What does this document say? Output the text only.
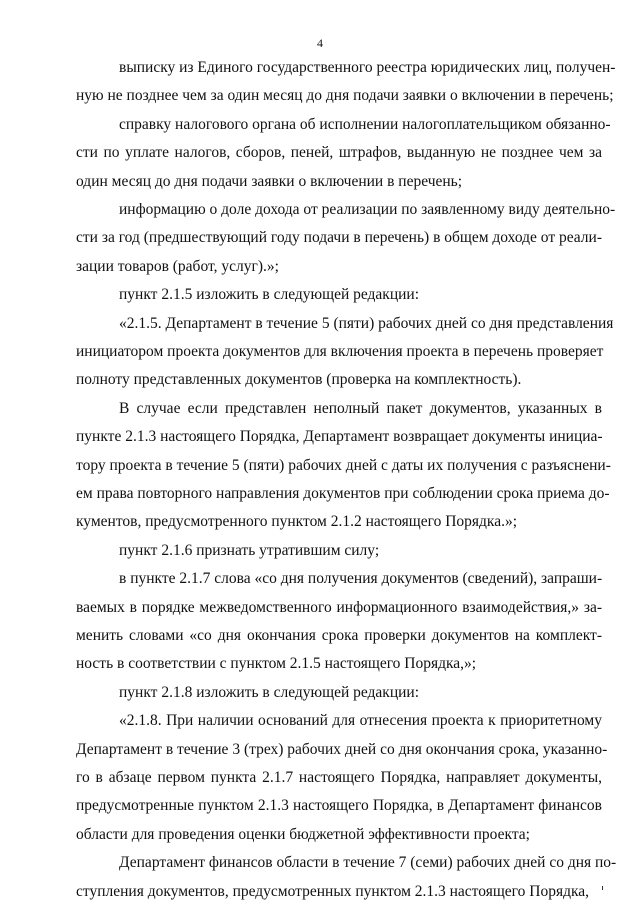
4
выписку из Единого государственного реестра юридических лиц, получен-
ную не позднее чем за один месяц до дня подачи заявки о включении в перечень;
справку налогового органа об исполнении налогоплательщиком обязанно-
сти по уплате налогов, сборов, пеней, штрафов, выданную не позднее чем за
один месяц до дня подачи заявки о включении в перечень;
информацию о доле дохода от реализации по заявленному виду деятельно-
сти за год (предшествующий году подачи в перечень) в общем доходе от реали-
зации товаров (работ, услуг).»;
пункт 2.1.5 изложить в следующей редакции:
«2.1.5. Департамент в течение 5 (пяти) рабочих дней со дня представления
инициатором проекта документов для включения проекта в перечень проверяет
полноту представленных документов (проверка на комплектность).
В случае если представлен неполный пакет документов, указанных в
пункте 2.1.3 настоящего Порядка, Департамент возвращает документы инициа-
тору проекта в течение 5 (пяти) рабочих дней с даты их получения с разъяснени-
ем права повторного направления документов при соблюдении срока приема до-
кументов, предусмотренного пунктом 2.1.2 настоящего Порядка.»;
пункт 2.1.6 признать утратившим силу;
в пункте 2.1.7 слова «со дня получения документов (сведений), запраши-
ваемых в порядке межведомственного информационного взаимодействия,» за-
менить словами «со дня окончания срока проверки документов на комплект-
ность в соответствии с пунктом 2.1.5 настоящего Порядка,»;
пункт 2.1.8 изложить в следующей редакции:
«2.1.8. При наличии оснований для отнесения проекта к приоритетному
Департамент в течение 3 (трех) рабочих дней со дня окончания срока, указанно-
го в абзаце первом пункта 2.1.7 настоящего Порядка, направляет документы,
предусмотренные пунктом 2.1.3 настоящего Порядка, в Департамент финансов
области для проведения оценки бюджетной эффективности проекта;
Департамент финансов области в течение 7 (семи) рабочих дней со дня по-
ступления документов, предусмотренных пунктом 2.1.3 настоящего Порядка,
